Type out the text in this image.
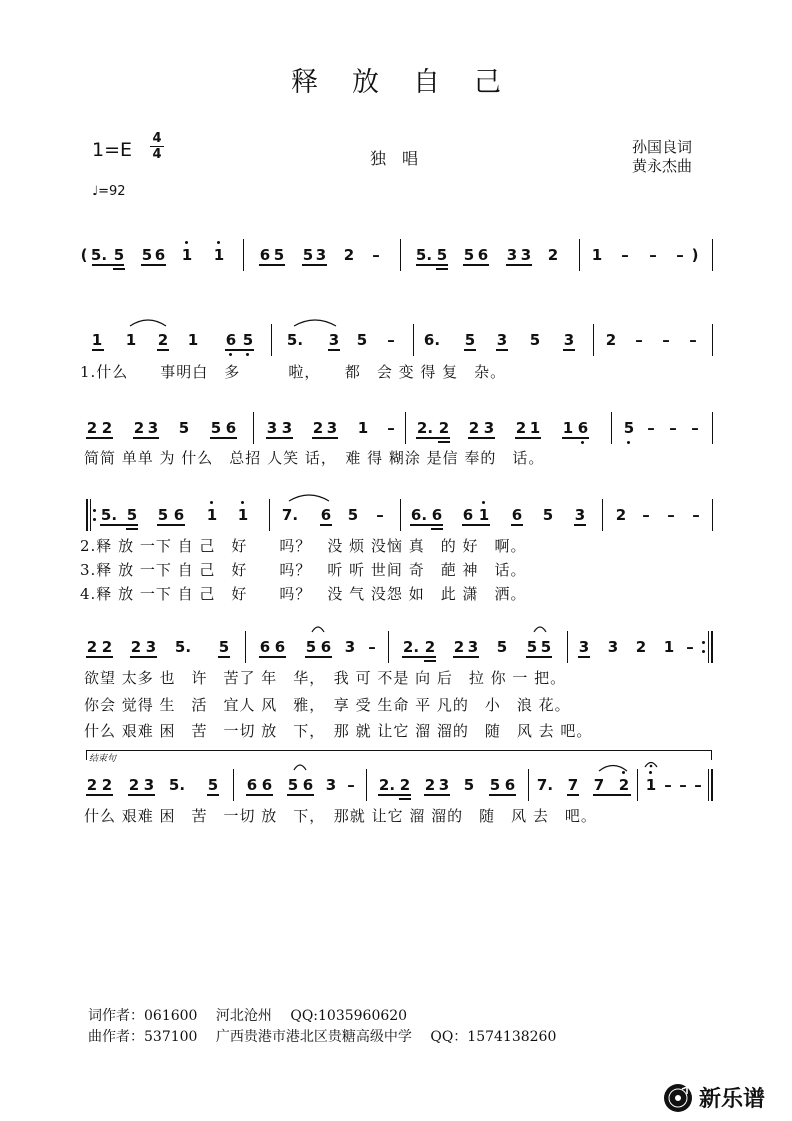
释放自己
1=E
4
4	独唱
孙国良词
黄永杰曲
♩=92
( 5. 5 5 6 1 1 6 5 5 3 2 – 5. 5 5 6 3 3 2 1 – – – )
1 1 2 1 6 5 5. 3 5 – 6. 5 3 5 3 2 – – –
1.什么　　事明白　多　　　啦，　　都　会 变 得 复　杂。
2 2 2 3 5 5 6 3 3 2 3 1 – 2. 2 2 3 2 1 1 6 5 – – –
简简 单单 为 什么　总招 人笑 话，　难 得 糊涂 是信 奉的　话。
5. 5 5 6 1 1 7. 6 5 – 6. 6 6 1 6 5 3 2 – – –
2.释 放 一下 自 己　好　　吗？　没 烦 没恼 真　的 好　啊。
3.释 放 一下 自 己　好　　吗？　听 听 世间 奇　葩 神　话。
4.释 放 一下 自 己　好　　吗？　没 气 没怨 如　此 潇　洒。
2 2 2 3 5. 5 6 6 5 6 3 – 2. 2 2 3 5 5 5 3 3 2 1 –
欲望 太多 也　许　苦了 年　华，　我 可 不是 向 后　拉 你 一 把。
你会 觉得 生　活　宜人 风　雅，　享 受 生命 平 凡的　小　浪 花。
什么 艰难 困　苦　一切 放　下，　那 就 让它 溜 溜的　随　风 去 吧。
结束句
2 2 2 3 5. 5 6 6 5 6 3 – 2. 2 2 3 5 5 6 7. 7 7 2 1 – – –
什么 艰难 困　苦　一切 放　下，　那就 让它 溜 溜的　随　风 去　吧。
词作者：061600　 河北沧州　 QQ:1035960620
曲作者：537100　 广西贵港市港北区贵糖高级中学　 QQ：1574138260
新乐谱
